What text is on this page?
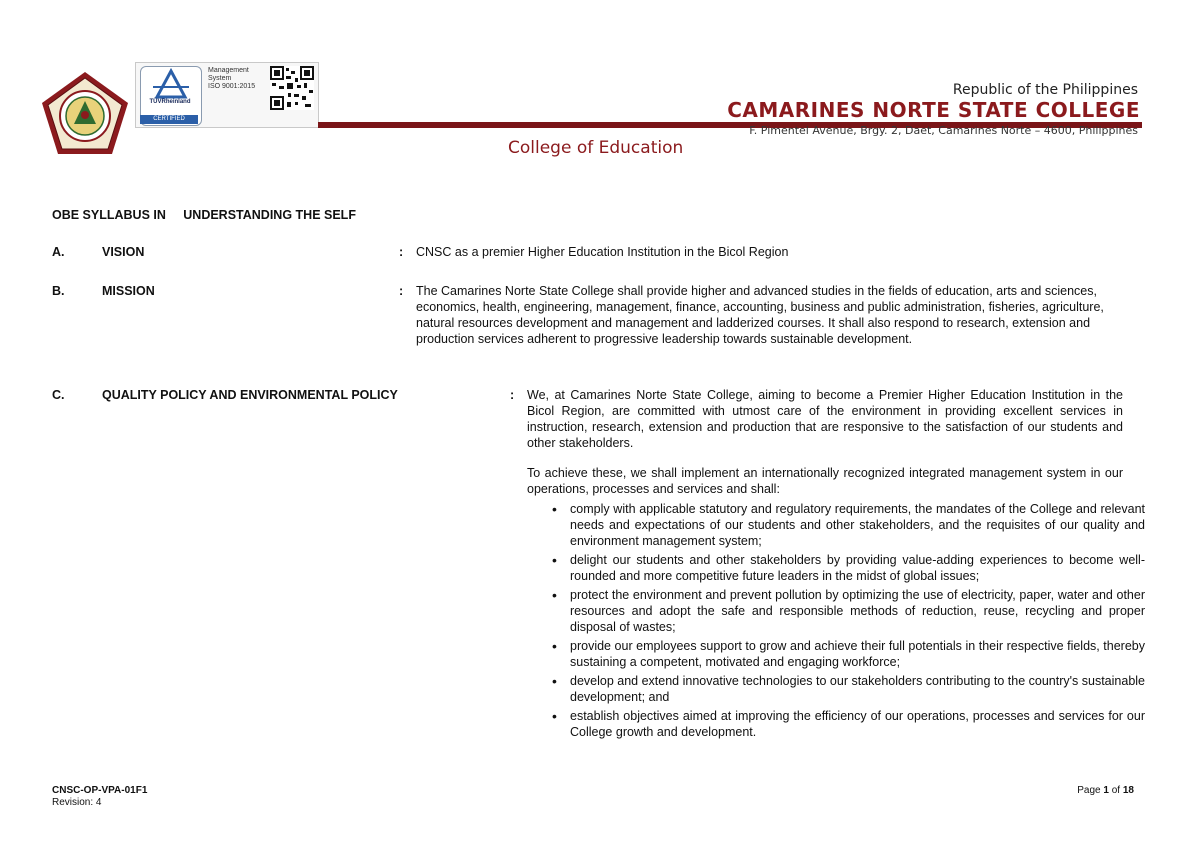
TÜVRheinland
CERTIFIED
Management
System
ISO 9001:2015	Republic of the Philippines
CAMARINES NORTE STATE COLLEGE
F. Pimentel Avenue, Brgy. 2, Daet, Camarines Norte – 4600, Philippines
College of Education
OBE SYLLABUS IN     UNDERSTANDING THE SELF
A.	VISION	: CNSC as a premier Higher Education Institution in the Bicol Region
B.	MISSION	: The Camarines Norte State College shall provide higher and advanced studies in the fields of education, arts and sciences, economics, health, engineering, management, finance, accounting, business and public administration, fisheries, agriculture, natural resources development and management and ladderized courses. It shall also respond to research, extension and production services adherent to progressive leadership towards sustainable development.
C.	QUALITY POLICY AND ENVIRONMENTAL POLICY	: We, at Camarines Norte State College, aiming to become a Premier Higher Education Institution in the Bicol Region, are committed with utmost care of the environment in providing excellent services in instruction, research, extension and production that are responsive to the satisfaction of our students and other stakeholders.
To achieve these, we shall implement an internationally recognized integrated management system in our operations, processes and services and shall:
• comply with applicable statutory and regulatory requirements, the mandates of the College and relevant needs and expectations of our students and other stakeholders, and the requisites of our quality and environment management system;
• delight our students and other stakeholders by providing value-adding experiences to become well-rounded and more competitive future leaders in the midst of global issues;
• protect the environment and prevent pollution by optimizing the use of electricity, paper, water and other resources and adopt the safe and responsible methods of reduction, reuse, recycling and proper disposal of wastes;
• provide our employees support to grow and achieve their full potentials in their respective fields, thereby sustaining a competent, motivated and engaging workforce;
• develop and extend innovative technologies to our stakeholders contributing to the country's sustainable development; and
• establish objectives aimed at improving the efficiency of our operations, processes and services for our College growth and development.
CNSC-OP-VPA-01F1
Revision: 4
Page 1 of 18
